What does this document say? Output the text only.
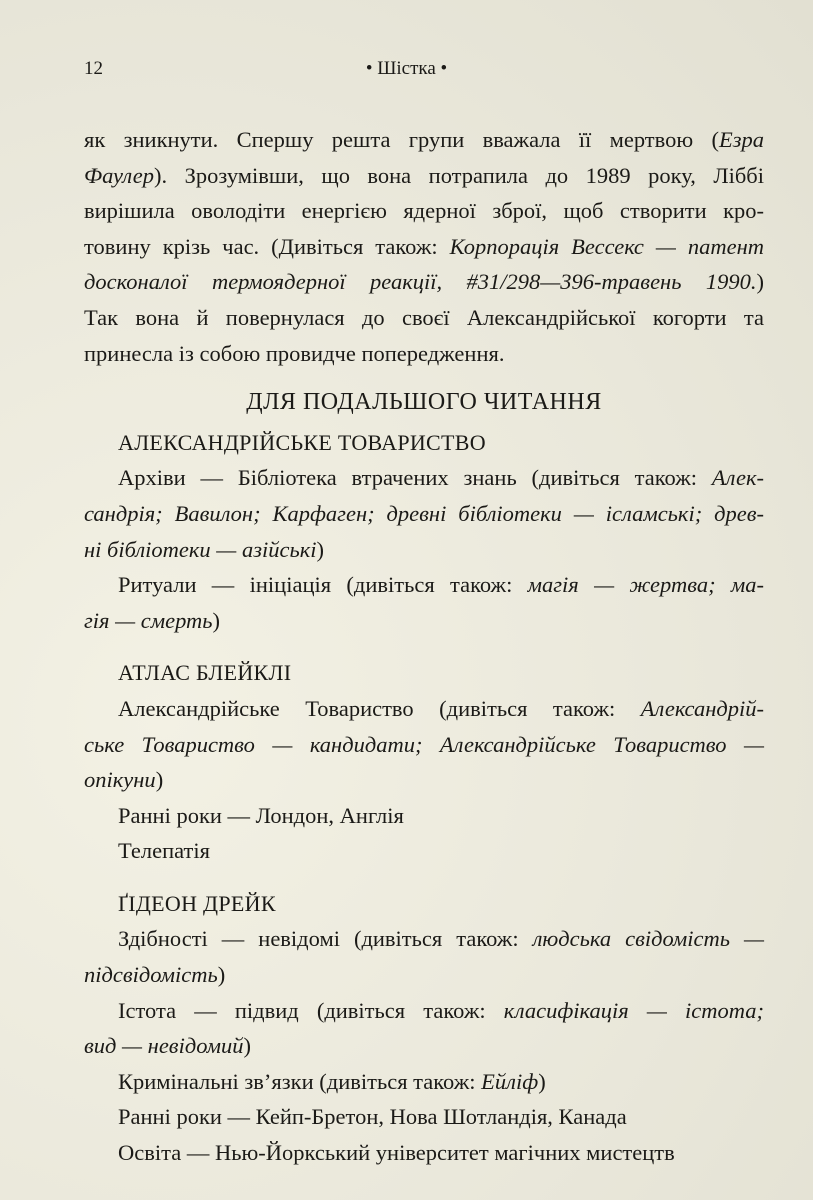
12	• Шістка •
як зникнути. Спершу решта групи вважала її мертвою (Езра
Фаулер). Зрозумівши, що вона потрапила до 1989 року, Ліббі
вирішила оволодіти енергією ядерної зброї, щоб створити кро-
товину крізь час. (Дивіться також: Корпорація Вессекс — патент
досконалої термоядерної реакції, #31/298—396-травень 1990.)
Так вона й повернулася до своєї Александрійської когорти та
принесла із собою провидче попередження.
ДЛЯ ПОДАЛЬШОГО ЧИТАННЯ
АЛЕКСАНДРІЙСЬКЕ ТОВАРИСТВО
Архіви — Бібліотека втрачених знань (дивіться також: Алек-
сандрія; Вавилон; Карфаген; древні бібліотеки — ісламські; древ-
ні бібліотеки — азійські)
Ритуали — ініціація (дивіться також: магія — жертва; ма-
гія — смерть)
АТЛАС БЛЕЙКЛІ
Александрійське Товариство (дивіться також: Александрій-
ське Товариство — кандидати; Александрійське Товариство —
опікуни)
Ранні роки — Лондон, Англія
Телепатія
ҐІДЕОН ДРЕЙК
Здібності — невідомі (дивіться також: людська свідомість —
підсвідомість)
Істота — підвид (дивіться також: класифікація — істота;
вид — невідомий)
Кримінальні зв’язки (дивіться також: Ейліф)
Ранні роки — Кейп-Бретон, Нова Шотландія, Канада
Освіта — Нью-Йоркський університет магічних мистецтв
